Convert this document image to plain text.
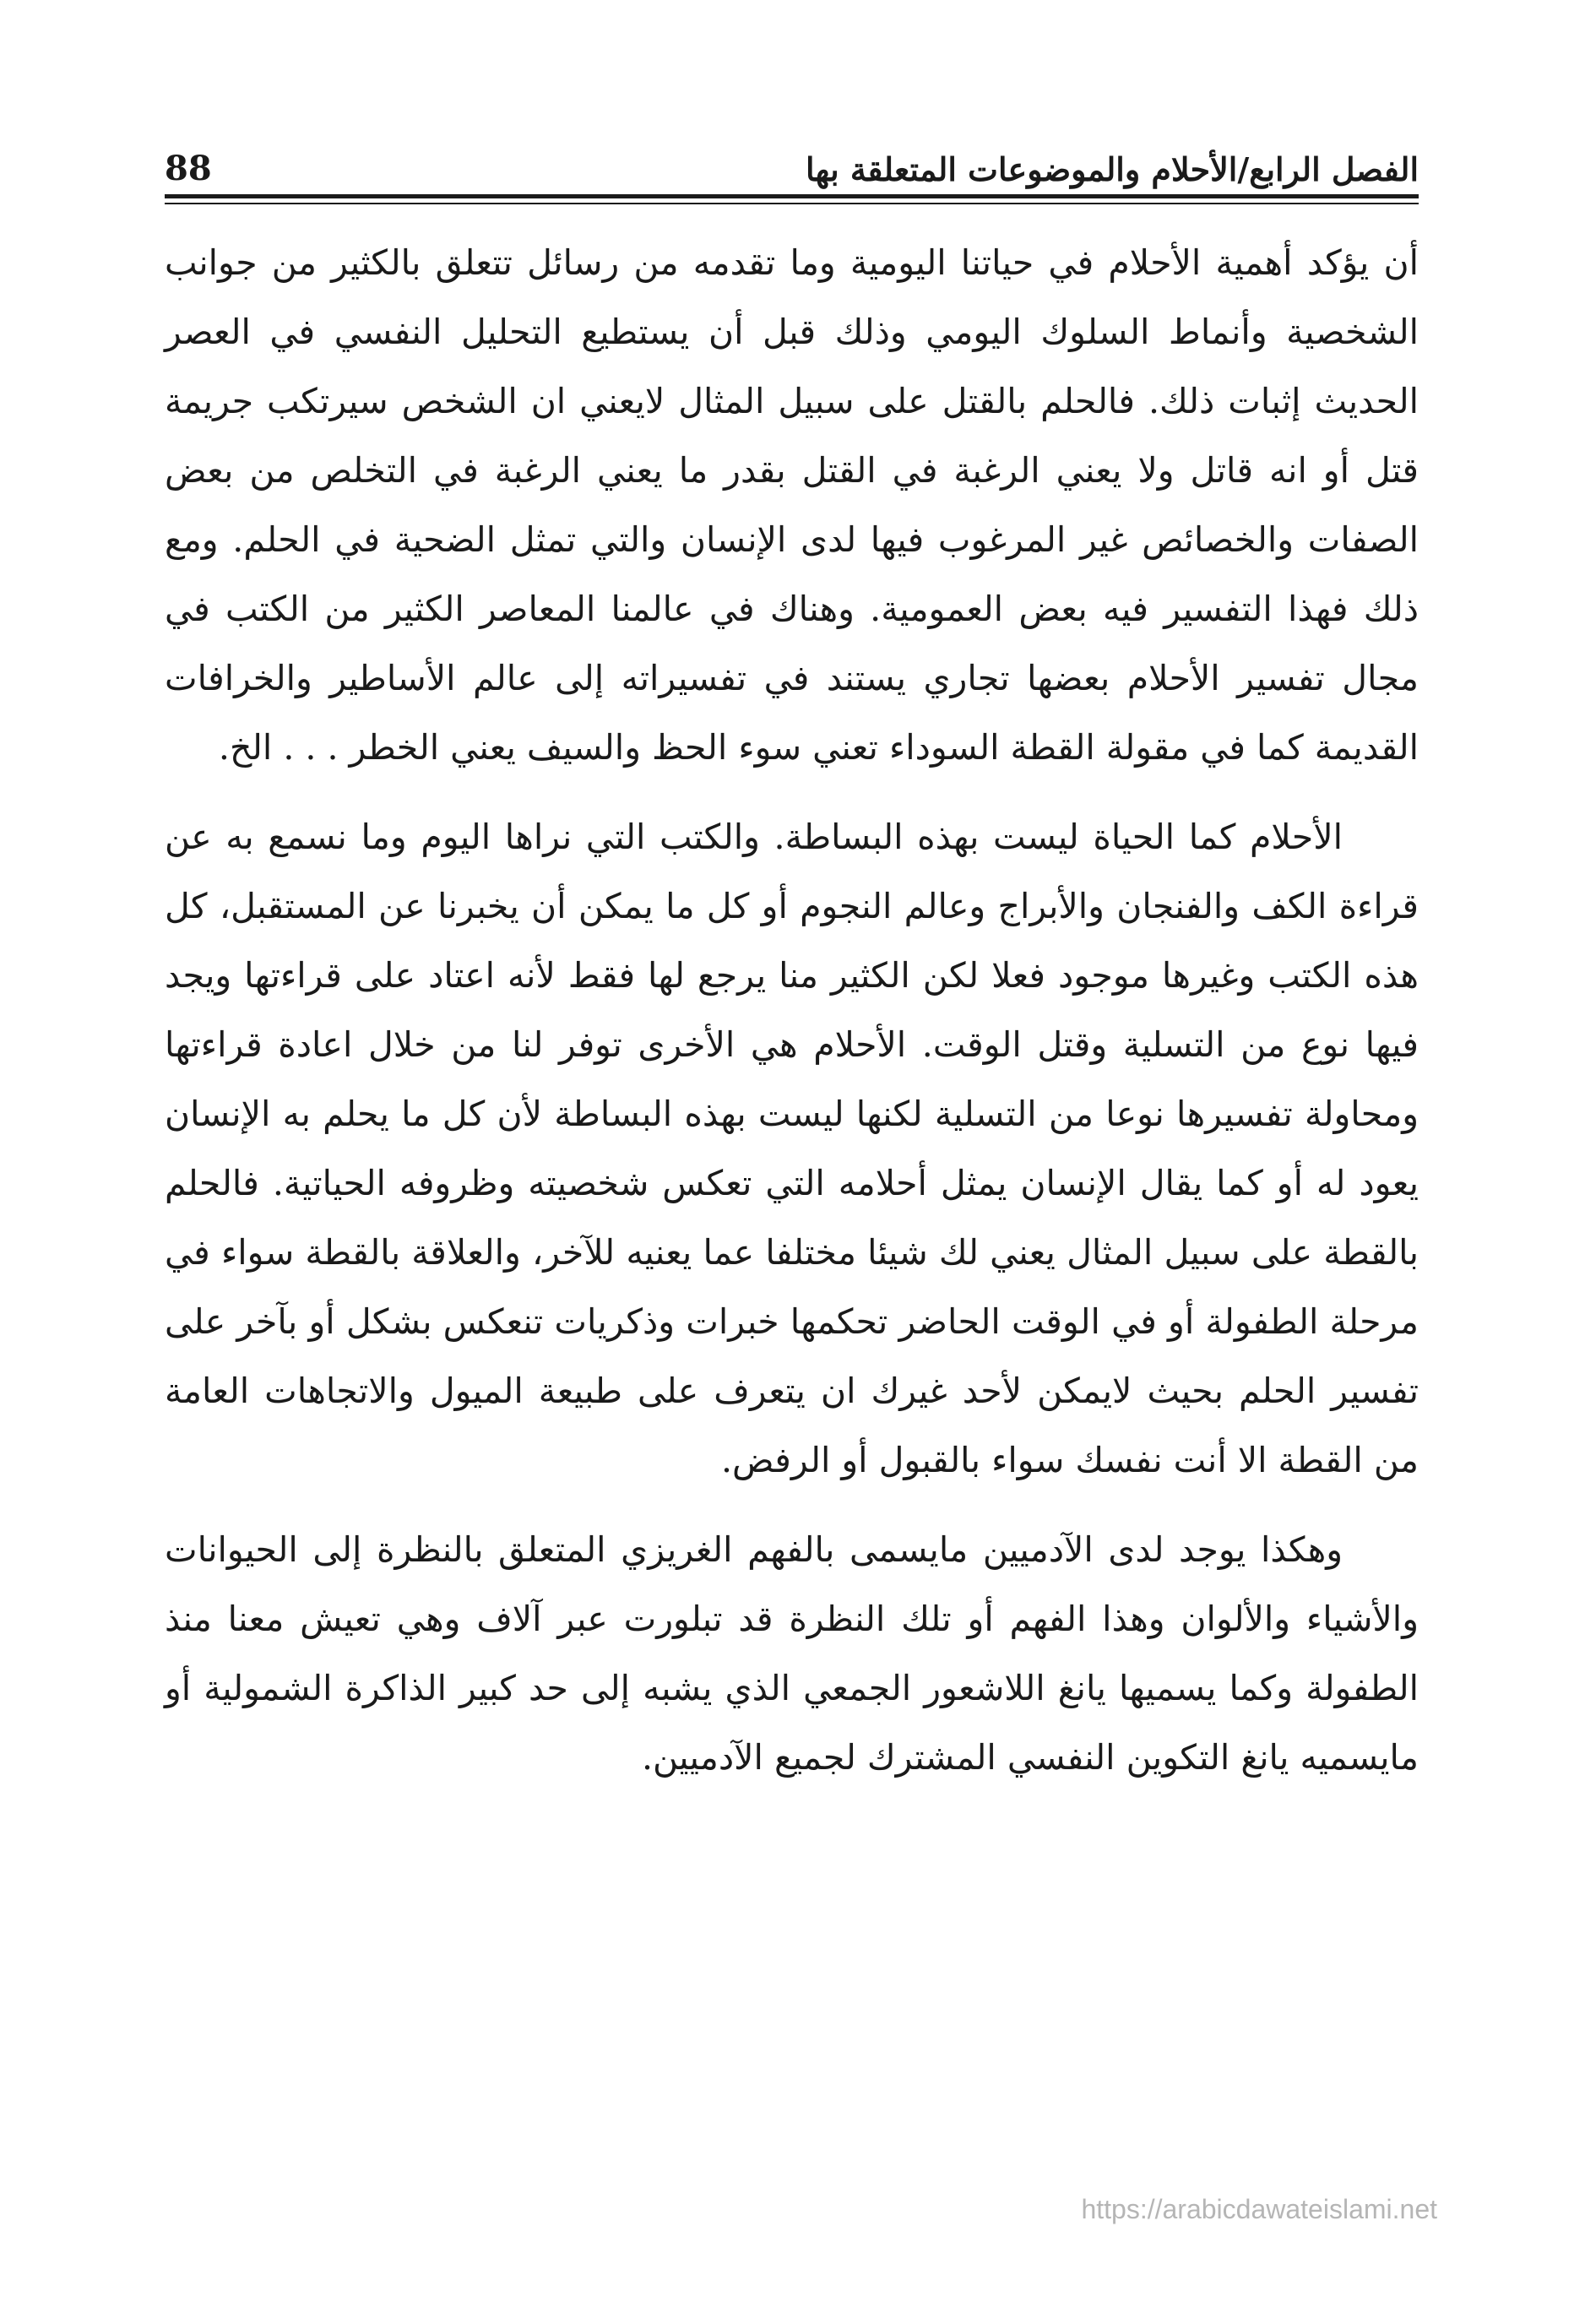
الفصل الرابع/الأحلام والموضوعات المتعلقة بها
88

أن يؤكد أهمية الأحلام في حياتنا اليومية وما تقدمه من رسائل تتعلق بالكثير من جوانب الشخصية وأنماط السلوك اليومي وذلك قبل أن يستطيع التحليل النفسي في العصر الحديث إثبات ذلك. فالحلم بالقتل على سبيل المثال لايعني ان الشخص سيرتكب جريمة قتل أو انه قاتل ولا يعني الرغبة في القتل بقدر ما يعني الرغبة في التخلص من بعض الصفات والخصائص غير المرغوب فيها لدى الإنسان والتي تمثل الضحية في الحلم. ومع ذلك فهذا التفسير فيه بعض العمومية. وهناك في عالمنا المعاصر الكثير من الكتب في مجال تفسير الأحلام بعضها تجاري يستند في تفسيراته إلى عالم الأساطير والخرافات القديمة كما في مقولة القطة السوداء تعني سوء الحظ والسيف يعني الخطر . . . الخ.

الأحلام كما الحياة ليست بهذه البساطة. والكتب التي نراها اليوم وما نسمع به عن قراءة الكف والفنجان والأبراج وعالم النجوم أو كل ما يمكن أن يخبرنا عن المستقبل، كل هذه الكتب وغيرها موجود فعلا لكن الكثير منا يرجع لها فقط لأنه اعتاد على قراءتها ويجد فيها نوع من التسلية وقتل الوقت. الأحلام هي الأخرى توفر لنا من خلال اعادة قراءتها ومحاولة تفسيرها نوعا من التسلية لكنها ليست بهذه البساطة لأن كل ما يحلم به الإنسان يعود له أو كما يقال الإنسان يمثل أحلامه التي تعكس شخصيته وظروفه الحياتية. فالحلم بالقطة على سبيل المثال يعني لك شيئا مختلفا عما يعنيه للآخر، والعلاقة بالقطة سواء في مرحلة الطفولة أو في الوقت الحاضر تحكمها خبرات وذكريات تنعكس بشكل أو بآخر على تفسير الحلم بحيث لايمكن لأحد غيرك ان يتعرف على طبيعة الميول والاتجاهات العامة من القطة الا أنت نفسك سواء بالقبول أو الرفض.

وهكذا يوجد لدى الآدميين مايسمى بالفهم الغريزي المتعلق بالنظرة إلى الحيوانات والأشياء والألوان وهذا الفهم أو تلك النظرة قد تبلورت عبر آلاف وهي تعيش معنا منذ الطفولة وكما يسميها يانغ اللاشعور الجمعي الذي يشبه إلى حد كبير الذاكرة الشمولية أو مايسميه يانغ التكوين النفسي المشترك لجميع الآدميين.

https://arabicdawateislami.net
